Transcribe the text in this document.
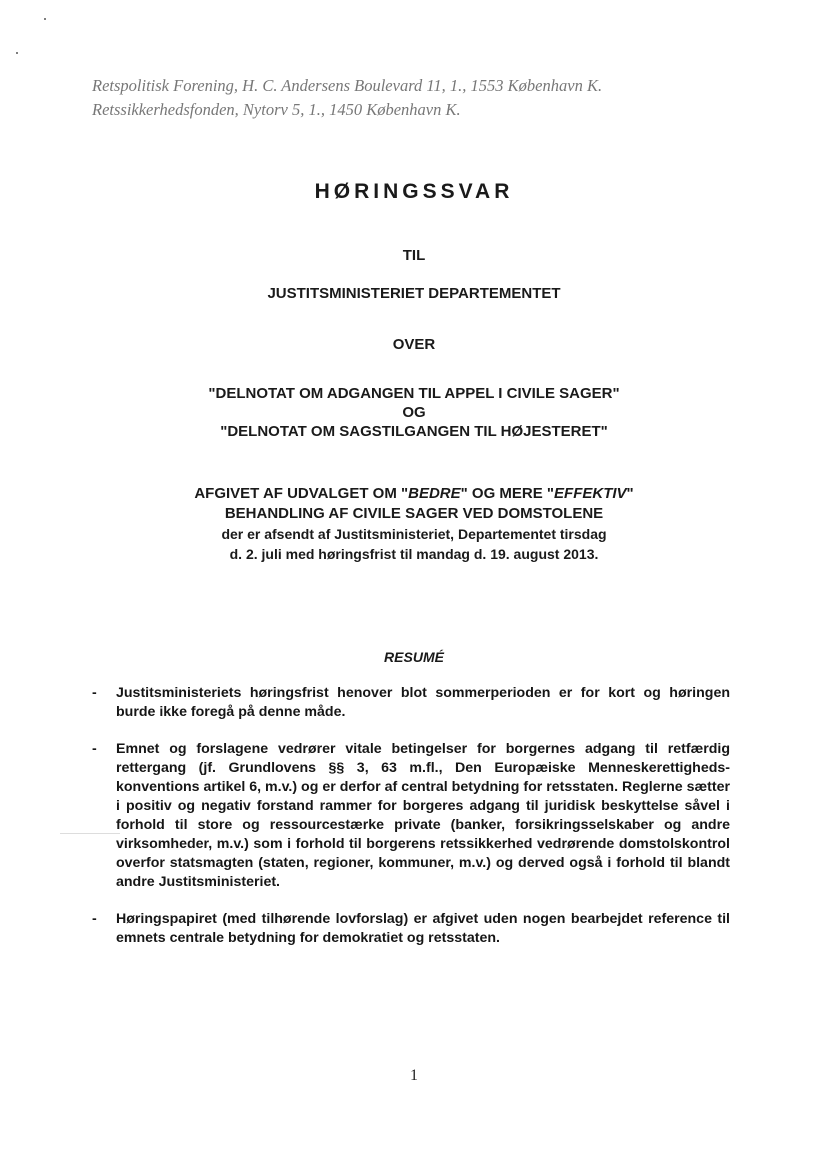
Retspolitisk Forening, H. C. Andersens Boulevard 11, 1., 1553 København K.
Retssikkerhedsfonden, Nytorv 5, 1., 1450 København K.
HØRINGSSVAR
TIL
JUSTITSMINISTERIET DEPARTEMENTET
OVER
"DELNOTAT OM ADGANGEN TIL APPEL I CIVILE SAGER"
OG
"DELNOTAT OM SAGSTILGANGEN TIL HØJESTERET"
AFGIVET AF UDVALGET OM "BEDRE" OG MERE "EFFEKTIV"
BEHANDLING AF CIVILE SAGER VED DOMSTOLENE
der er afsendt af Justitsministeriet, Departementet tirsdag
d. 2. juli med høringsfrist til mandag d. 19. august 2013.
RESUMÉ
- Justitsministeriets høringsfrist henover blot sommerperioden er for kort og høringen burde ikke foregå på denne måde.
- Emnet og forslagene vedrører vitale betingelser for borgernes adgang til retfærdig rettergang (jf. Grundlovens §§ 3, 63 m.fl., Den Europæiske Menneskerettigheds-konventions artikel 6, m.v.) og er derfor af central betydning for retsstaten. Reglerne sætter i positiv og negativ forstand rammer for borgeres adgang til juridisk beskyttelse såvel i forhold til store og ressourcestærke private (banker, forsikringsselskaber og andre virksomheder, m.v.) som i forhold til borgerens retssikkerhed vedrørende domstolskontrol overfor statsmagten (staten, regioner, kommuner, m.v.) og derved også i forhold til blandt andre Justitsministeriet.
- Høringspapiret (med tilhørende lovforslag) er afgivet uden nogen bearbejdet reference til emnets centrale betydning for demokratiet og retsstaten.
1
